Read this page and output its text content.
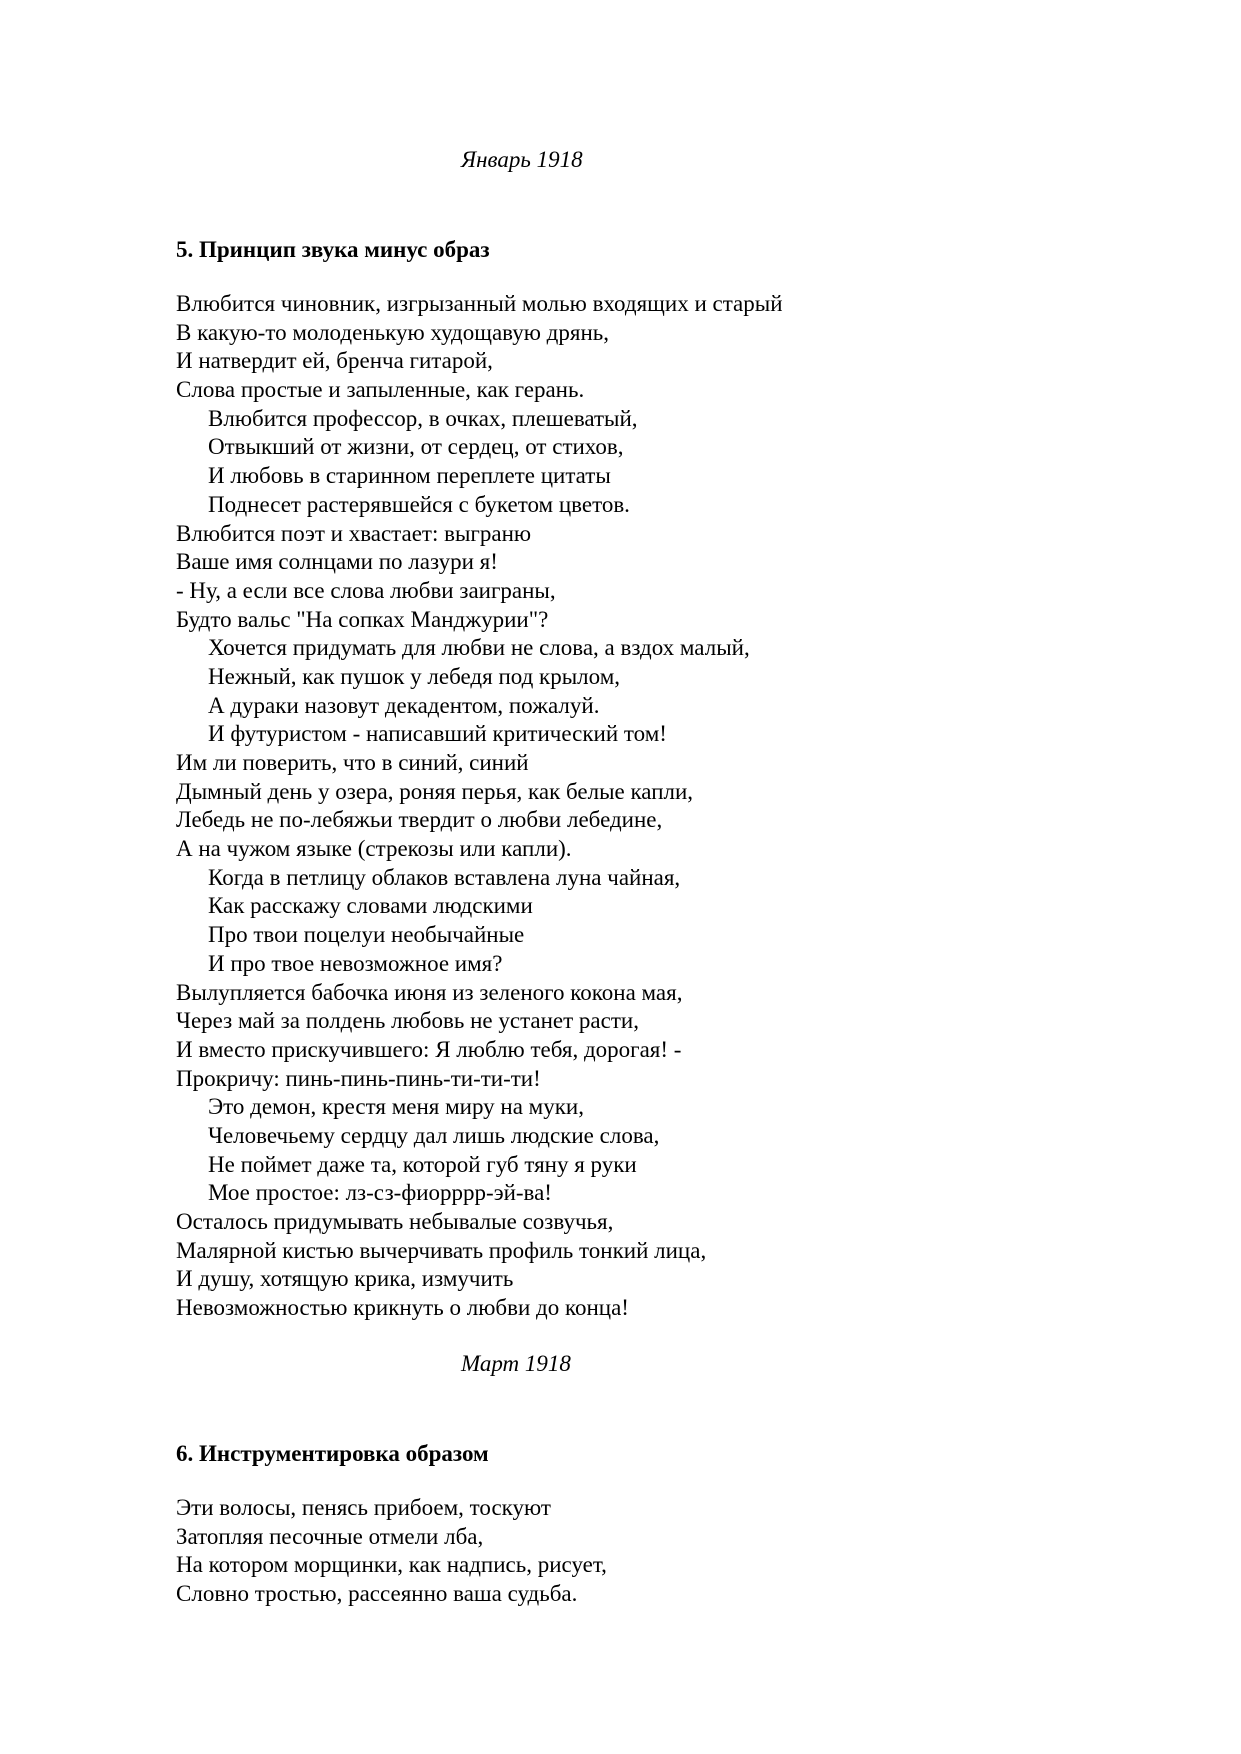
Январь 1918
5. Принцип звука минус образ
Влюбится чиновник, изгрызанный молью входящих и старый
В какую-то молоденькую худощавую дрянь,
И натвердит ей, бренча гитарой,
Слова простые и запыленные, как герань.
Влюбится профессор, в очках, плешеватый,
Отвыкший от жизни, от сердец, от стихов,
И любовь в старинном переплете цитаты
Поднесет растерявшейся с букетом цветов.
Влюбится поэт и хвастает: выграню
Ваше имя солнцами по лазури я!
- Ну, а если все слова любви заиграны,
Будто вальс "На сопках Манджурии"?
Хочется придумать для любви не слова, а вздох малый,
Нежный, как пушок у лебедя под крылом,
А дураки назовут декадентом, пожалуй.
И футуристом - написавший критический том!
Им ли поверить, что в синий, синий
Дымный день у озера, роняя перья, как белые капли,
Лебедь не по-лебяжьи твердит о любви лебедине,
А на чужом языке (стрекозы или капли).
Когда в петлицу облаков вставлена луна чайная,
Как расскажу словами людскими
Про твои поцелуи необычайные
И про твое невозможное имя?
Вылупляется бабочка июня из зеленого кокона мая,
Через май за полдень любовь не устанет расти,
И вместо прискучившего: Я люблю тебя, дорогая! -
Прокричу: пинь-пинь-пинь-ти-ти-ти!
Это демон, крестя меня миру на муки,
Человечьему сердцу дал лишь людские слова,
Не поймет даже та, которой губ тяну я руки
Мое простое: лз-сз-фиорррр-эй-ва!
Осталось придумывать небывалые созвучья,
Малярной кистью вычерчивать профиль тонкий лица,
И душу, хотящую крика, измучить
Невозможностью крикнуть о любви до конца!
Март 1918
6. Инструментировка образом
Эти волосы, пенясь прибоем, тоскуют
Затопляя песочные отмели лба,
На котором морщинки, как надпись, рисует,
Словно тростью, рассеянно ваша судьба.
